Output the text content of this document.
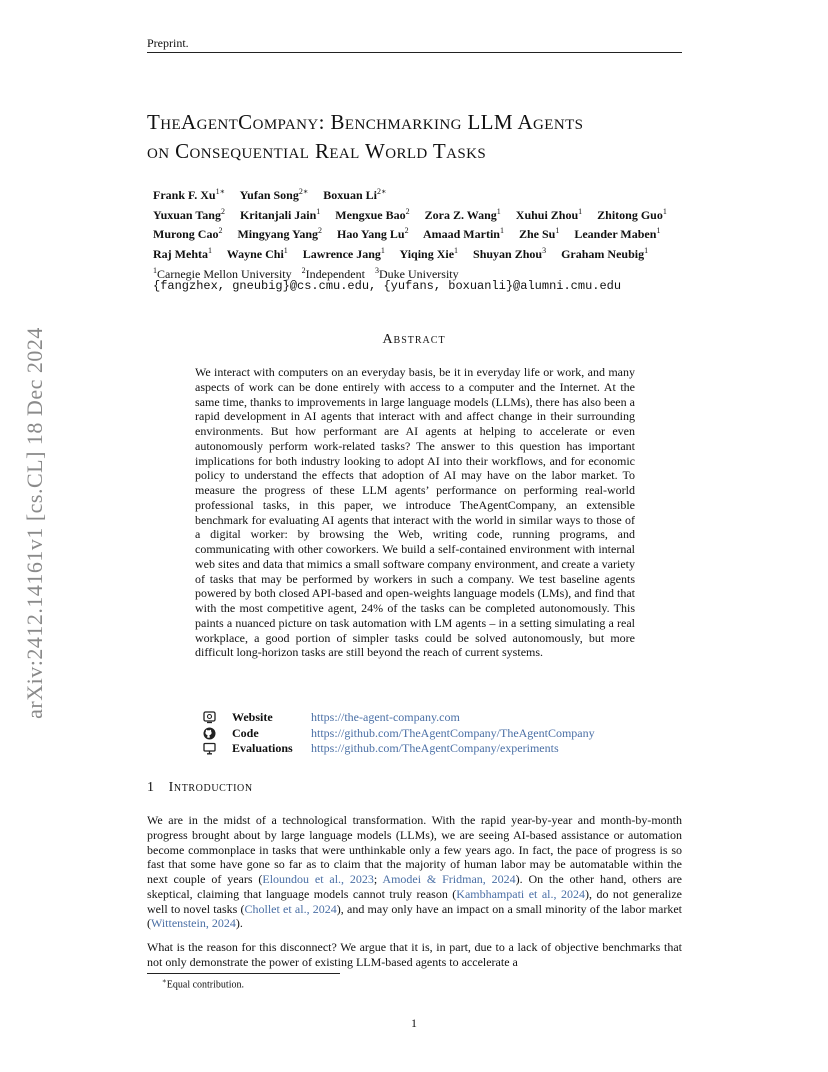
Preprint.
arXiv:2412.14161v1 [cs.CL] 18 Dec 2024
TheAgentCompany: Benchmarking LLM Agents
on Consequential Real World Tasks
Frank F. $Xu^{1∗}$ Yufan Song$^{2∗}$ Boxuan $Li^{2∗}$
Yuxuan Tang$^2$ Kritanjali Jain$^1$ Mengxue Bao$^2$ Zora Z. Wang$^1$ Xuhui Zhou$^1$ Zhitong Guo$^1$
Murong Cao$^2$ Mingyang Yang$^2$ Hao Yang Lu$^2$ Amaad Martin$^1$ Zhe Su$^1$ Leander Maben$^1$
Raj Mehta$^1$ Wayne Chi$^1$ Lawrence Jang$^1$ Yiqing Xie$^1$ Shuyan Zhou$^3$ Graham Neubig$^1$
$^1$Carnegie Mellon University $^2$Independent $^3$Duke University
{fangzhex, gneubig}@cs.cmu.edu, {yufans, boxuanli}@alumni.cmu.edu
Abstract
We interact with computers on an everyday basis, be it in everyday life or work, and many aspects of work can be done entirely with access to a computer and the Internet. At the same time, thanks to improvements in large language models (LLMs), there has also been a rapid development in AI agents that interact with and affect change in their surrounding environments. But how performant are AI agents at helping to accelerate or even autonomously perform work-related tasks? The answer to this question has important implications for both industry looking to adopt AI into their workflows, and for economic policy to understand the effects that adoption of AI may have on the labor market. To measure the progress of these LLM agents’ performance on performing real-world professional tasks, in this paper, we introduce TheAgentCompany, an extensible benchmark for evaluating AI agents that interact with the world in similar ways to those of a digital worker: by browsing the Web, writing code, running programs, and communicating with other coworkers. We build a self-contained environment with internal web sites and data that mimics a small software company environment, and create a variety of tasks that may be performed by workers in such a company. We test baseline agents powered by both closed API-based and open-weights language models (LMs), and find that with the most competitive agent, 24% of the tasks can be completed autonomously. This paints a nuanced picture on task automation with LM agents – in a setting simulating a real workplace, a good portion of simpler tasks could be solved autonomously, but more difficult long-horizon tasks are still beyond the reach of current systems.
Website	https://the-agent-company.com
Code	https://github.com/TheAgentCompany/TheAgentCompany
Evaluations	https://github.com/TheAgentCompany/experiments
1 Introduction
We are in the midst of a technological transformation. With the rapid year-by-year and month-by-month progress brought about by large language models (LLMs), we are seeing AI-based assistance or automation become commonplace in tasks that were unthinkable only a few years ago. In fact, the pace of progress is so fast that some have gone so far as to claim that the majority of human labor may be automatable within the next couple of years (Eloundou et al., 2023; Amodei & Fridman, 2024). On the other hand, others are skeptical, claiming that language models cannot truly reason (Kambhampati et al., 2024), do not generalize well to novel tasks (Chollet et al., 2024), and may only have an impact on a small minority of the labor market (Wittenstein, 2024).
What is the reason for this disconnect? We argue that it is, in part, due to a lack of objective benchmarks that not only demonstrate the power of existing LLM-based agents to accelerate a
∗Equal contribution.
1
